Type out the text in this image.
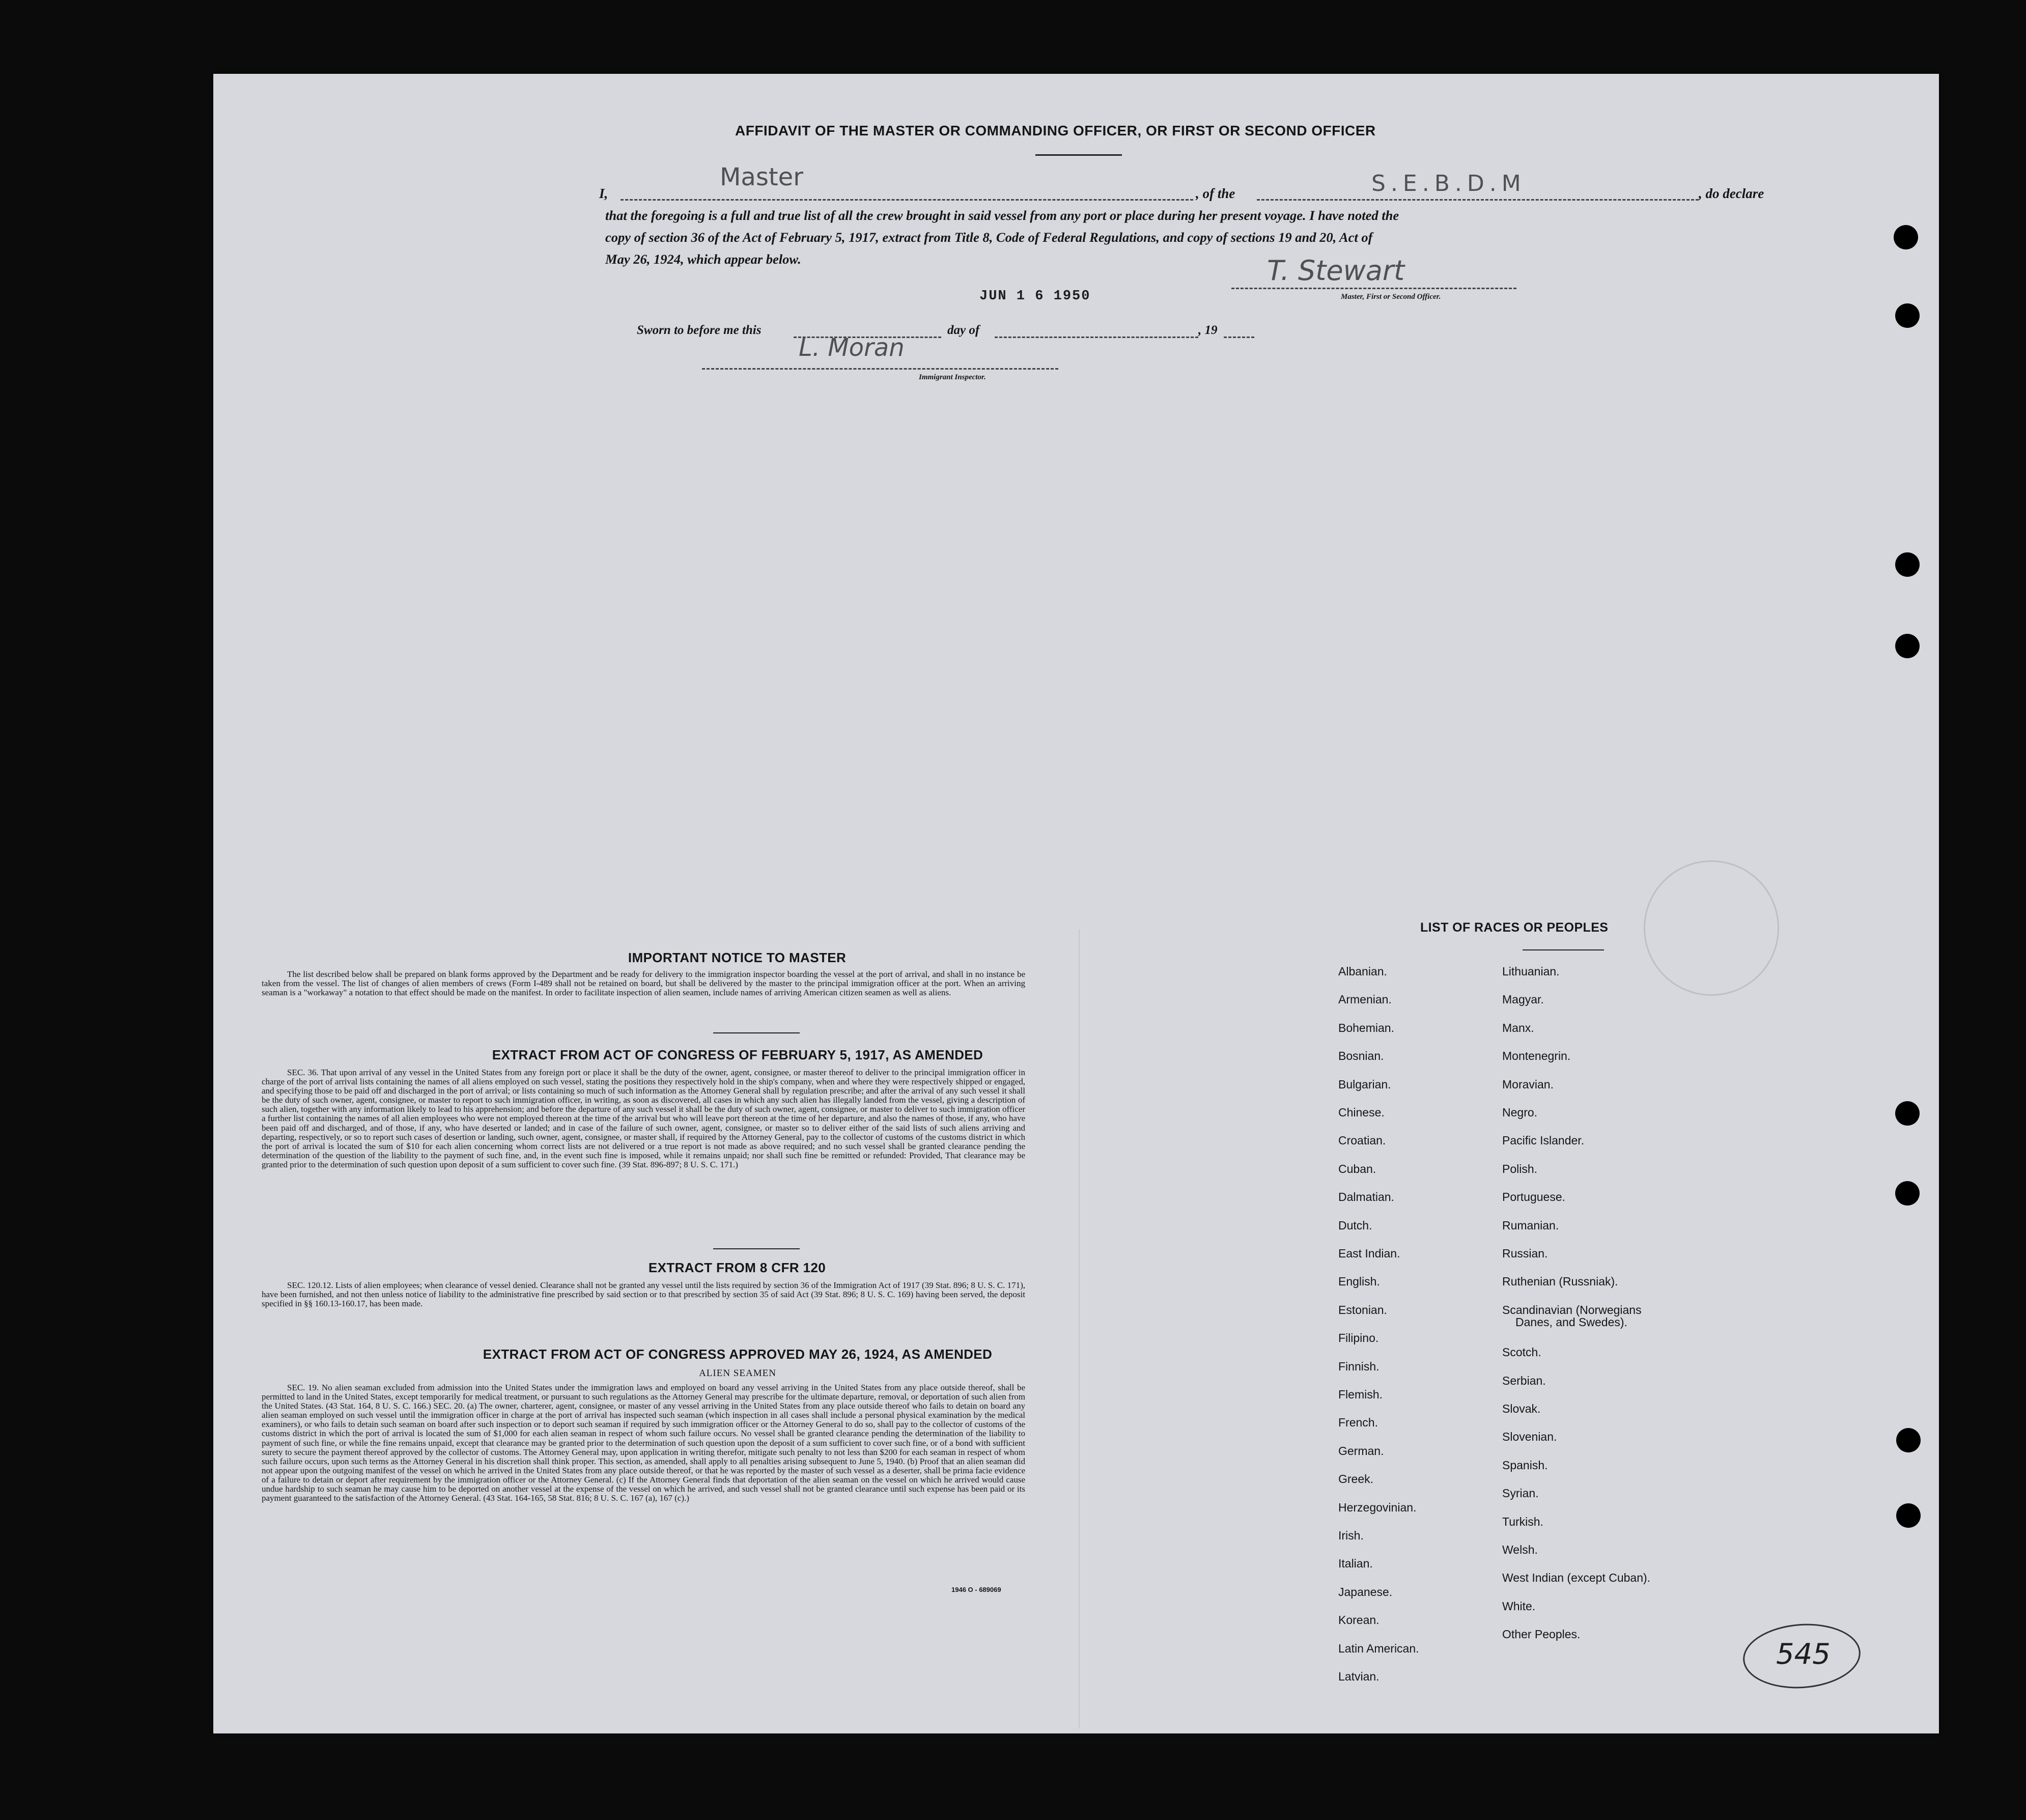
AFFIDAVIT OF THE MASTER OR COMMANDING OFFICER, OR FIRST OR SECOND OFFICER
I,
Master
, of the	S.E.B.D.M	, do declare
that the foregoing is a full and true list of all the crew brought in said vessel from any port or place during her present voyage. I have noted the
copy of section 36 of the Act of February 5, 1917, extract from Title 8, Code of Federal Regulations, and copy of sections 19 and 20, Act of
May 26, 1924, which appear below.
JUN 1 6 1950
T. Stewart
Master, First or Second Officer.
Sworn to before me this	day of	, 19
L. Moran
Immigrant Inspector.
IMPORTANT NOTICE TO MASTER

The list described below shall be prepared on blank forms approved by the Department and be ready for delivery to the immigration inspector boarding the vessel at the port of arrival, and shall in no instance be taken from the vessel. The list of changes of alien members of crews (Form I-489 shall not be retained on board, but shall be delivered by the master to the principal immigration officer at the port. When an arriving seaman is a "workaway" a notation to that effect should be made on the manifest. In order to facilitate inspection of alien seamen, include names of arriving American citizen seamen as well as aliens.

EXTRACT FROM ACT OF CONGRESS OF FEBRUARY 5, 1917, AS AMENDED

SEC. 36. That upon arrival of any vessel in the United States from any foreign port or place it shall be the duty of the owner, agent, consignee, or master thereof to deliver to the principal immigration officer in charge of the port of arrival lists containing the names of all aliens employed on such vessel, stating the positions they respectively hold in the ship's company, when and where they were respectively shipped or engaged, and specifying those to be paid off and discharged in the port of arrival; or lists containing so much of such information as the Attorney General shall by regulation prescribe; and after the arrival of any such vessel it shall be the duty of such owner, agent, consignee, or master to report to such immigration officer, in writing, as soon as discovered, all cases in which any such alien has illegally landed from the vessel, giving a description of such alien, together with any information likely to lead to his apprehension; and before the departure of any such vessel it shall be the duty of such owner, agent, consignee, or master to deliver to such immigration officer a further list containing the names of all alien employees who were not employed thereon at the time of the arrival but who will leave port thereon at the time of her departure, and also the names of those, if any, who have been paid off and discharged, and of those, if any, who have deserted or landed; and in case of the failure of such owner, agent, consignee, or master so to deliver either of the said lists of such aliens arriving and departing, respectively, or so to report such cases of desertion or landing, such owner, agent, consignee, or master shall, if required by the Attorney General, pay to the collector of customs of the customs district in which the port of arrival is located the sum of $10 for each alien concerning whom correct lists are not delivered or a true report is not made as above required; and no such vessel shall be granted clearance pending the determination of the question of the liability to the payment of such fine, and, in the event such fine is imposed, while it remains unpaid; nor shall such fine be remitted or refunded: Provided, That clearance may be granted prior to the determination of such question upon deposit of a sum sufficient to cover such fine. (39 Stat. 896-897; 8 U. S. C. 171.)

EXTRACT FROM 8 CFR 120

SEC. 120.12. Lists of alien employees; when clearance of vessel denied. Clearance shall not be granted any vessel until the lists required by section 36 of the Immigration Act of 1917 (39 Stat. 896; 8 U. S. C. 171), have been furnished, and not then unless notice of liability to the administrative fine prescribed by said section or to that prescribed by section 35 of said Act (39 Stat. 896; 8 U. S. C. 169) having been served, the deposit specified in §§ 160.13-160.17, has been made.

EXTRACT FROM ACT OF CONGRESS APPROVED MAY 26, 1924, AS AMENDED
ALIEN SEAMEN

SEC. 19. No alien seaman excluded from admission into the United States under the immigration laws and employed on board any vessel arriving in the United States from any place outside thereof, shall be permitted to land in the United States, except temporarily for medical treatment, or pursuant to such regulations as the Attorney General may prescribe for the ultimate departure, removal, or deportation of such alien from the United States. (43 Stat. 164, 8 U. S. C. 166.) SEC. 20. (a) The owner, charterer, agent, consignee, or master of any vessel arriving in the United States from any place outside thereof who fails to detain on board any alien seaman employed on such vessel until the immigration officer in charge at the port of arrival has inspected such seaman (which inspection in all cases shall include a personal physical examination by the medical examiners), or who fails to detain such seaman on board after such inspection or to deport such seaman if required by such immigration officer or the Attorney General to do so, shall pay to the collector of customs of the customs district in which the port of arrival is located the sum of $1,000 for each alien seaman in respect of whom such failure occurs. No vessel shall be granted clearance pending the determination of the liability to payment of such fine, or while the fine remains unpaid, except that clearance may be granted prior to the determination of such question upon the deposit of a sum sufficient to cover such fine, or of a bond with sufficient surety to secure the payment thereof approved by the collector of customs. The Attorney General may, upon application in writing therefor, mitigate such penalty to not less than $200 for each seaman in respect of whom such failure occurs, upon such terms as the Attorney General in his discretion shall think proper. This section, as amended, shall apply to all penalties arising subsequent to June 5, 1940. (b) Proof that an alien seaman did not appear upon the outgoing manifest of the vessel on which he arrived in the United States from any place outside thereof, or that he was reported by the master of such vessel as a deserter, shall be prima facie evidence of a failure to detain or deport after requirement by the immigration officer or the Attorney General. (c) If the Attorney General finds that deportation of the alien seaman on the vessel on which he arrived would cause undue hardship to such seaman he may cause him to be deported on another vessel at the expense of the vessel on which he arrived, and such vessel shall not be granted clearance until such expense has been paid or its payment guaranteed to the satisfaction of the Attorney General. (43 Stat. 164-165, 58 Stat. 816; 8 U. S. C. 167 (a), 167 (c).)

1946 O - 689069
LIST OF RACES OR PEOPLES
Albanian.
Armenian.
Bohemian.
Bosnian.
Bulgarian.
Chinese.
Croatian.
Cuban.
Dalmatian.
Dutch.
East Indian.
English.
Estonian.
Filipino.
Finnish.
Flemish.
French.
German.
Greek.
Herzegovinian.
Irish.
Italian.
Japanese.
Korean.
Latin American.
Latvian.
Lithuanian.
Magyar.
Manx.
Montenegrin.
Moravian.
Negro.
Pacific Islander.
Polish.
Portuguese.
Rumanian.
Russian.
Ruthenian (Russniak).
Scandinavian (Norwegians
Danes, and Swedes).
Scotch.
Serbian.
Slovak.
Slovenian.
Spanish.
Syrian.
Turkish.
Welsh.
West Indian (except Cuban).
White.
Other Peoples.
545
